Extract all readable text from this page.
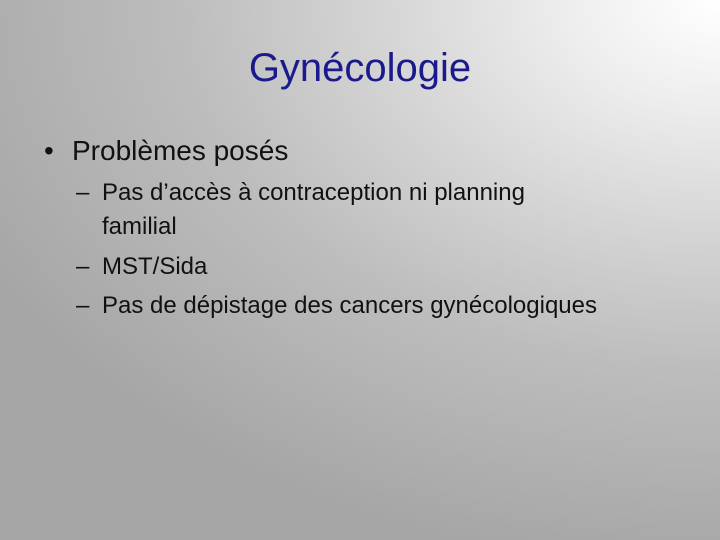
Gynécologie
• Problèmes posés
– Pas d’accès à contraception ni planning
familial
– MST/Sida
– Pas de dépistage des cancers gynécologiques
